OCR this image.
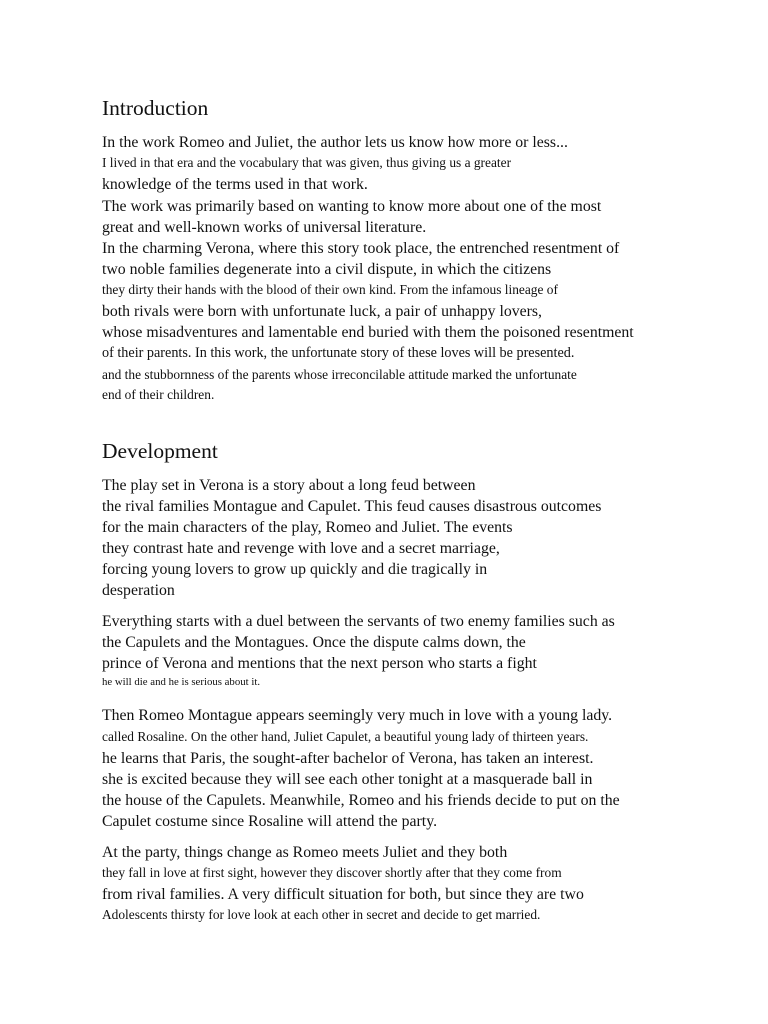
Introduction

In the work Romeo and Juliet, the author lets us know how more or less...

I lived in that era and the vocabulary that was given, thus giving us a greater

knowledge of the terms used in that work.

The work was primarily based on wanting to know more about one of the most

great and well-known works of universal literature.

In the charming Verona, where this story took place, the entrenched resentment of

two noble families degenerate into a civil dispute, in which the citizens

they dirty their hands with the blood of their own kind. From the infamous lineage of

both rivals were born with unfortunate luck, a pair of unhappy lovers,

whose misadventures and lamentable end buried with them the poisoned resentment

of their parents. In this work, the unfortunate story of these loves will be presented.

and the stubbornness of the parents whose irreconcilable attitude marked the unfortunate

end of their children.

Development

The play set in Verona is a story about a long feud between

the rival families Montague and Capulet. This feud causes disastrous outcomes

for the main characters of the play, Romeo and Juliet. The events

they contrast hate and revenge with love and a secret marriage,

forcing young lovers to grow up quickly and die tragically in

desperation

Everything starts with a duel between the servants of two enemy families such as

the Capulets and the Montagues. Once the dispute calms down, the

prince of Verona and mentions that the next person who starts a fight

he will die and he is serious about it.

Then Romeo Montague appears seemingly very much in love with a young lady.

called Rosaline. On the other hand, Juliet Capulet, a beautiful young lady of thirteen years.

he learns that Paris, the sought-after bachelor of Verona, has taken an interest.

she is excited because they will see each other tonight at a masquerade ball in

the house of the Capulets. Meanwhile, Romeo and his friends decide to put on the

Capulet costume since Rosaline will attend the party.

At the party, things change as Romeo meets Juliet and they both

they fall in love at first sight, however they discover shortly after that they come from

from rival families. A very difficult situation for both, but since they are two

Adolescents thirsty for love look at each other in secret and decide to get married.
